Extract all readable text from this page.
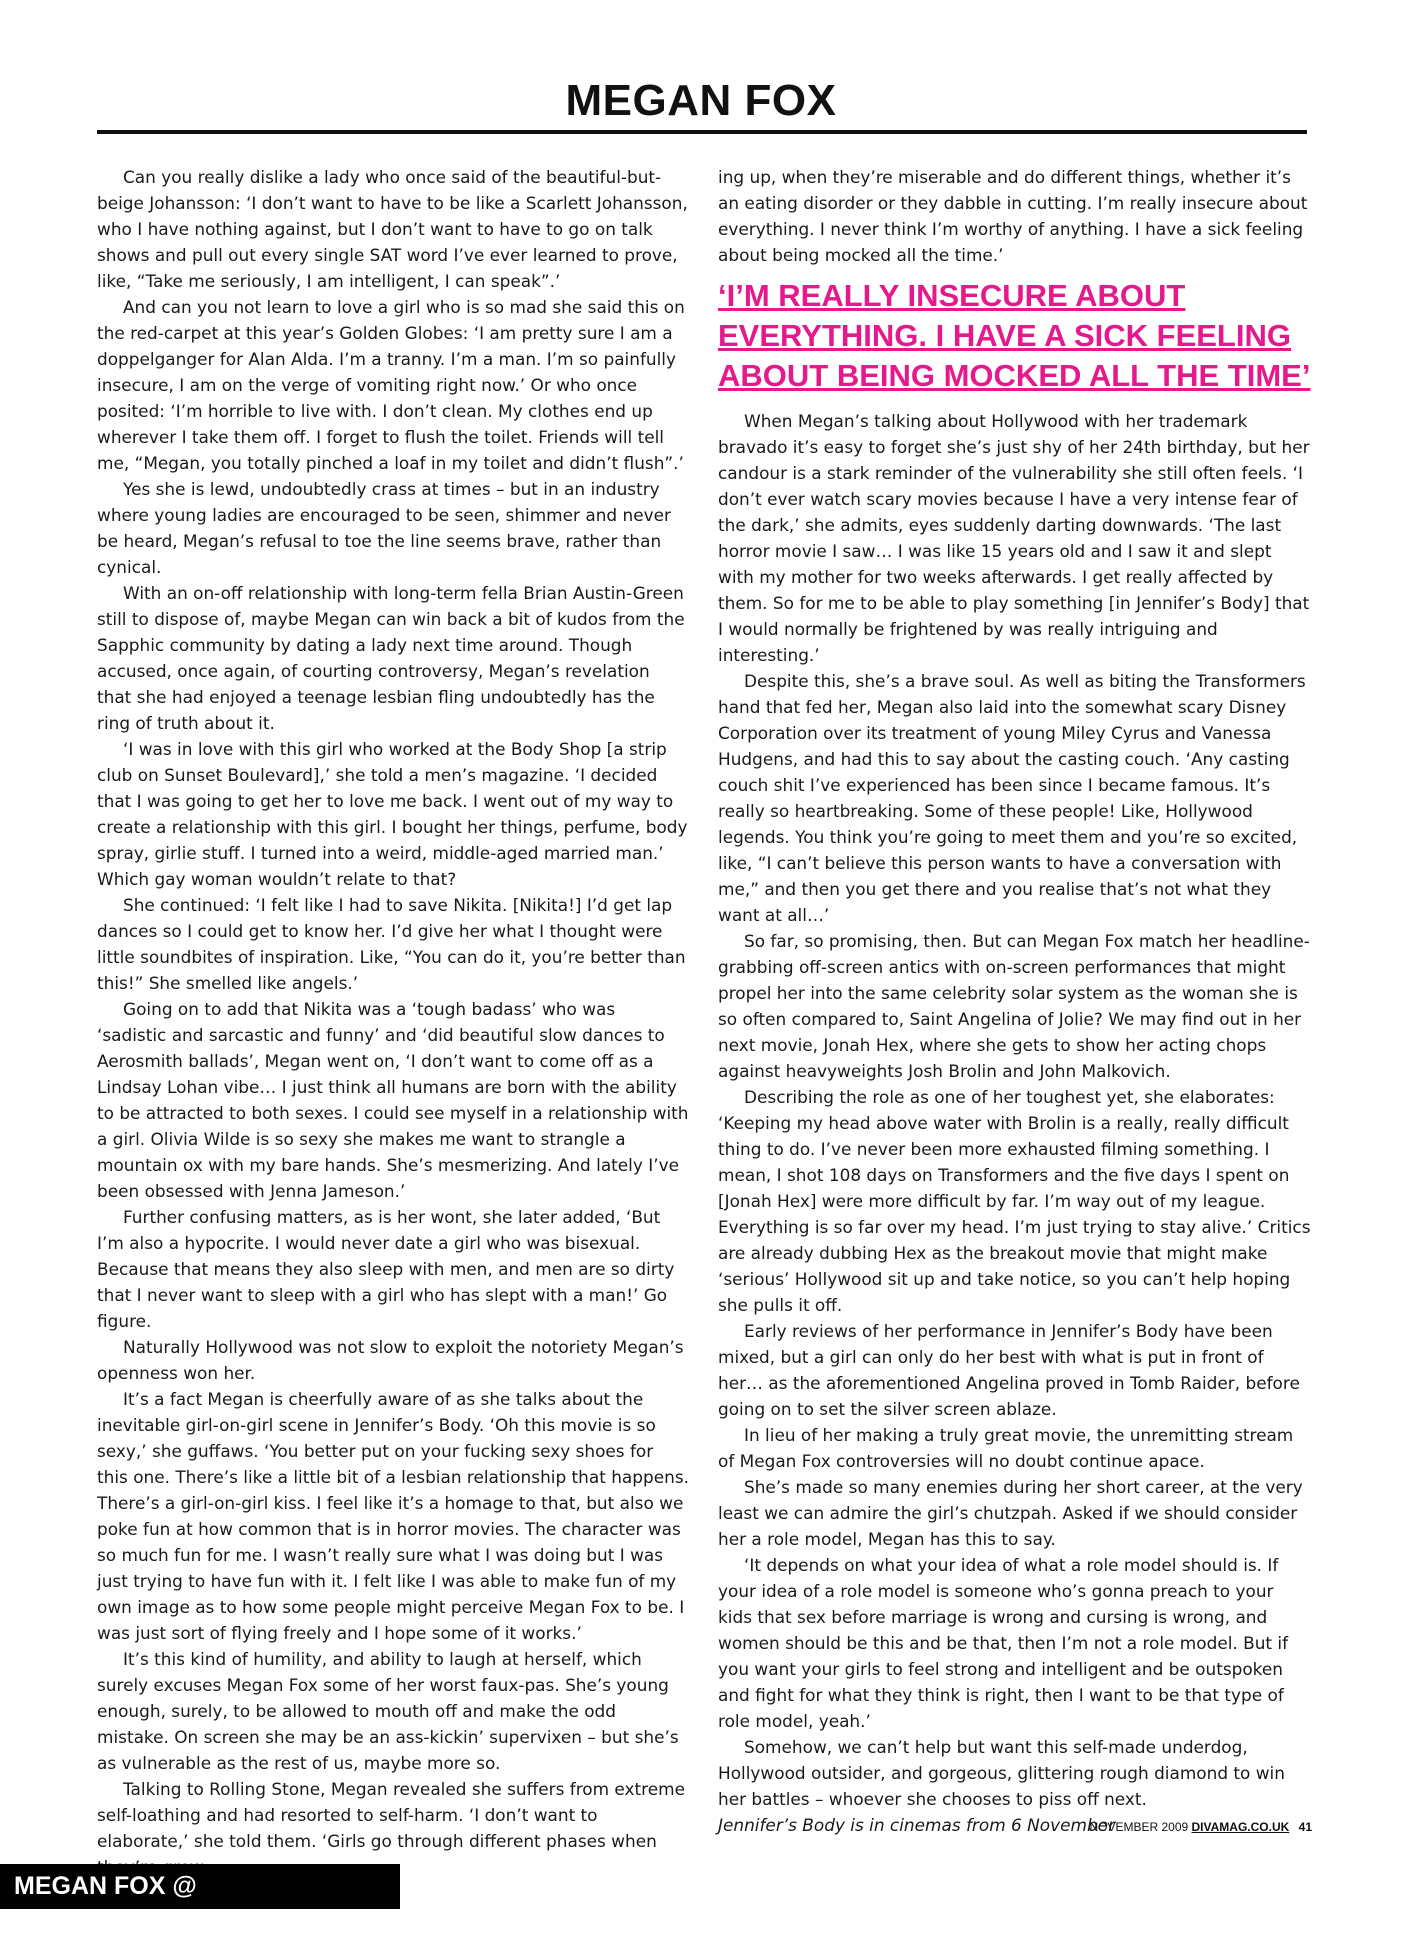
MEGAN FOX

Can you really dislike a lady who once said of the beautiful-but-beige Johansson: ‘I don’t want to have to be like a Scarlett Johansson, who I have nothing against, but I don’t want to have to go on talk shows and pull out every single SAT word I’ve ever learned to prove, like, “Take me seriously, I am intelligent, I can speak”.’

And can you not learn to love a girl who is so mad she said this on the red-carpet at this year’s Golden Globes: ‘I am pretty sure I am a doppelganger for Alan Alda. I’m a tranny. I’m a man. I’m so painfully insecure, I am on the verge of vomiting right now.’ Or who once posited: ‘I’m horrible to live with. I don’t clean. My clothes end up wherever I take them off. I forget to flush the toilet. Friends will tell me, “Megan, you totally pinched a loaf in my toilet and didn’t flush”.’

Yes she is lewd, undoubtedly crass at times – but in an industry where young ladies are encouraged to be seen, shimmer and never be heard, Megan’s refusal to toe the line seems brave, rather than cynical.

With an on-off relationship with long-term fella Brian Austin-Green still to dispose of, maybe Megan can win back a bit of kudos from the Sapphic community by dating a lady next time around. Though accused, once again, of courting controversy, Megan’s revelation that she had enjoyed a teenage lesbian fling undoubtedly has the ring of truth about it.

‘I was in love with this girl who worked at the Body Shop [a strip club on Sunset Boulevard],’ she told a men’s magazine. ‘I decided that I was going to get her to love me back. I went out of my way to create a relationship with this girl. I bought her things, perfume, body spray, girlie stuff. I turned into a weird, middle-aged married man.’ Which gay woman wouldn’t relate to that?

She continued: ‘I felt like I had to save Nikita. [Nikita!] I’d get lap dances so I could get to know her. I’d give her what I thought were little soundbites of inspiration. Like, “You can do it, you’re better than this!” She smelled like angels.’

Going on to add that Nikita was a ‘tough badass’ who was ‘sadistic and sarcastic and funny’ and ‘did beautiful slow dances to Aerosmith ballads’, Megan went on, ‘I don’t want to come off as a Lindsay Lohan vibe… I just think all humans are born with the ability to be attracted to both sexes. I could see myself in a relationship with a girl. Olivia Wilde is so sexy she makes me want to strangle a mountain ox with my bare hands. She’s mesmerizing. And lately I’ve been obsessed with Jenna Jameson.’

Further confusing matters, as is her wont, she later added, ‘But I’m also a hypocrite. I would never date a girl who was bisexual. Because that means they also sleep with men, and men are so dirty that I never want to sleep with a girl who has slept with a man!’ Go figure.

Naturally Hollywood was not slow to exploit the notoriety Megan’s openness won her.

It’s a fact Megan is cheerfully aware of as she talks about the inevitable girl-on-girl scene in Jennifer’s Body. ‘Oh this movie is so sexy,’ she guffaws. ‘You better put on your fucking sexy shoes for this one. There’s like a little bit of a lesbian relationship that happens. There’s a girl-on-girl kiss. I feel like it’s a homage to that, but also we poke fun at how common that is in horror movies. The character was so much fun for me. I wasn’t really sure what I was doing but I was just trying to have fun with it. I felt like I was able to make fun of my own image as to how some people might perceive Megan Fox to be. I was just sort of flying freely and I hope some of it works.’

It’s this kind of humility, and ability to laugh at herself, which surely excuses Megan Fox some of her worst faux-pas. She’s young enough, surely, to be allowed to mouth off and make the odd mistake. On screen she may be an ass-kickin’ supervixen – but she’s as vulnerable as the rest of us, maybe more so.

Talking to Rolling Stone, Megan revealed she suffers from extreme self-loathing and had resorted to self-harm. ‘I don’t want to elaborate,’ she told them. ‘Girls go through different phases when

ing up, when they’re miserable and do different things, whether it’s an eating disorder or they dabble in cutting. I’m really insecure about everything. I never think I’m worthy of anything. I have a sick feeling about being mocked all the time.’

‘I’M REALLY INSECURE ABOUT EVERYTHING. I HAVE A SICK FEELING ABOUT BEING MOCKED ALL THE TIME’

When Megan’s talking about Hollywood with her trademark bravado it’s easy to forget she’s just shy of her 24th birthday, but her candour is a stark reminder of the vulnerability she still often feels. ‘I don’t ever watch scary movies because I have a very intense fear of the dark,’ she admits, eyes suddenly darting downwards. ‘The last horror movie I saw… I was like 15 years old and I saw it and slept with my mother for two weeks afterwards. I get really affected by them. So for me to be able to play something [in Jennifer’s Body] that I would normally be frightened by was really intriguing and interesting.’

Despite this, she’s a brave soul. As well as biting the Transformers hand that fed her, Megan also laid into the somewhat scary Disney Corporation over its treatment of young Miley Cyrus and Vanessa Hudgens, and had this to say about the casting couch. ‘Any casting couch shit I’ve experienced has been since I became famous. It’s really so heartbreaking. Some of these people! Like, Hollywood legends. You think you’re going to meet them and you’re so excited, like, “I can’t believe this person wants to have a conversation with me,” and then you get there and you realise that’s not what they want at all…’

So far, so promising, then. But can Megan Fox match her headline-grabbing off-screen antics with on-screen performances that might propel her into the same celebrity solar system as the woman she is so often compared to, Saint Angelina of Jolie? We may find out in her next movie, Jonah Hex, where she gets to show her acting chops against heavyweights Josh Brolin and John Malkovich.

Describing the role as one of her toughest yet, she elaborates: ‘Keeping my head above water with Brolin is a really, really difficult thing to do. I’ve never been more exhausted filming something. I mean, I shot 108 days on Transformers and the five days I spent on [Jonah Hex] were more difficult by far. I’m way out of my league. Everything is so far over my head. I’m just trying to stay alive.’ Critics are already dubbing Hex as the breakout movie that might make ‘serious’ Hollywood sit up and take notice, so you can’t help hoping she pulls it off.

Early reviews of her performance in Jennifer’s Body have been mixed, but a girl can only do her best with what is put in front of her… as the aforementioned Angelina proved in Tomb Raider, before going on to set the silver screen ablaze.

In lieu of her making a truly great movie, the unremitting stream of Megan Fox controversies will no doubt continue apace.

She’s made so many enemies during her short career, at the very least we can admire the girl’s chutzpah. Asked if we should consider her a role model, Megan has this to say.

‘It depends on what your idea of what a role model should is. If your idea of a role model is someone who’s gonna preach to your kids that sex before marriage is wrong and cursing is wrong, and women should be this and be that, then I’m not a role model. But if you want your girls to feel strong and intelligent and be outspoken and fight for what they think is right, then I want to be that type of role model, yeah.’

Somehow, we can’t help but want this self-made underdog, Hollywood outsider, and gorgeous, glittering rough diamond to win her battles – whoever she chooses to piss off next.

Jennifer’s Body is in cinemas from 6 November

NOVEMBER 2009 DIVAMAG.CO.UK 41
MEGAN FOX @ megansafox.com
